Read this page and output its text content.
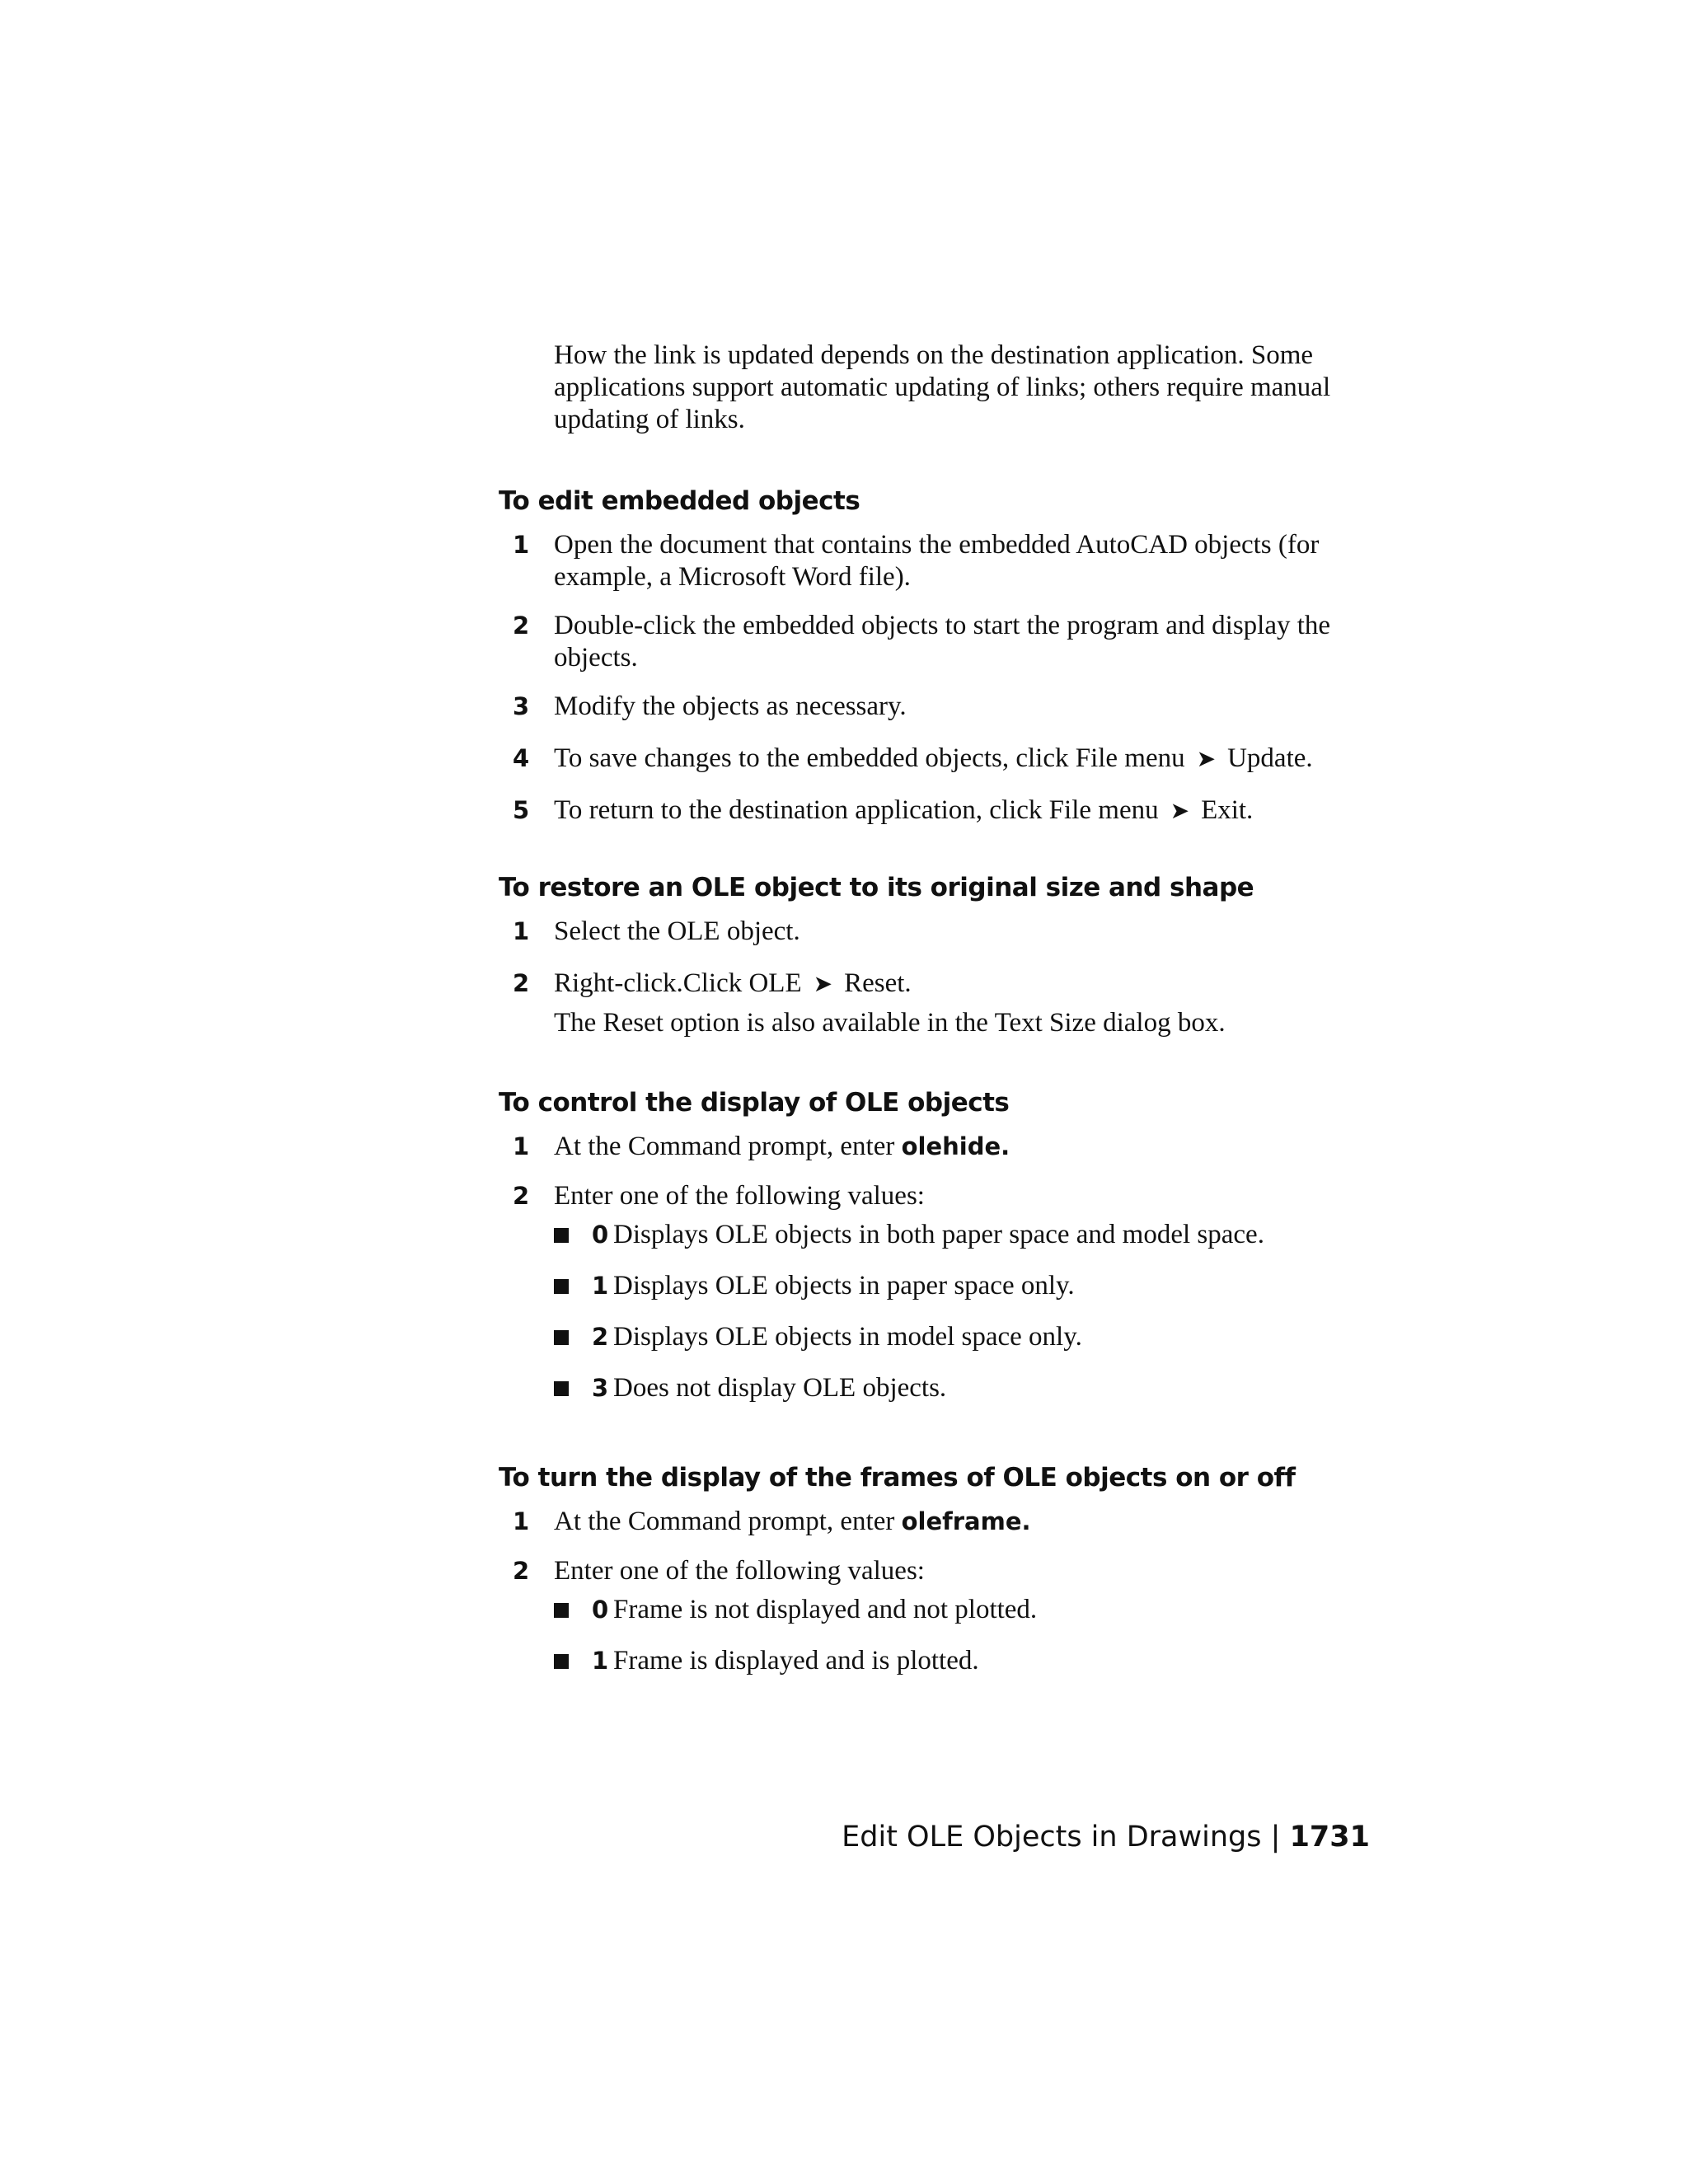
How the link is updated depends on the destination application. Some applications support automatic updating of links; others require manual updating of links.

To edit embedded objects
1 Open the document that contains the embedded AutoCAD objects (for example, a Microsoft Word file).
2 Double-click the embedded objects to start the program and display the objects.
3 Modify the objects as necessary.
4 To save changes to the embedded objects, click File menu ➤ Update.
5 To return to the destination application, click File menu ➤ Exit.
To restore an OLE object to its original size and shape
1 Select the OLE object.
2 Right-click.Click OLE ➤ Reset.

The Reset option is also available in the Text Size dialog box.

To control the display of OLE objects
1 At the Command prompt, enter olehide.
2 Enter one of the following values:
0 Displays OLE objects in both paper space and model space.
1 Displays OLE objects in paper space only.
2 Displays OLE objects in model space only.
3 Does not display OLE objects.
To turn the display of the frames of OLE objects on or off
1 At the Command prompt, enter oleframe.
2 Enter one of the following values:
0 Frame is not displayed and not plotted.
1 Frame is displayed and is plotted.
Edit OLE Objects in Drawings | 1731
